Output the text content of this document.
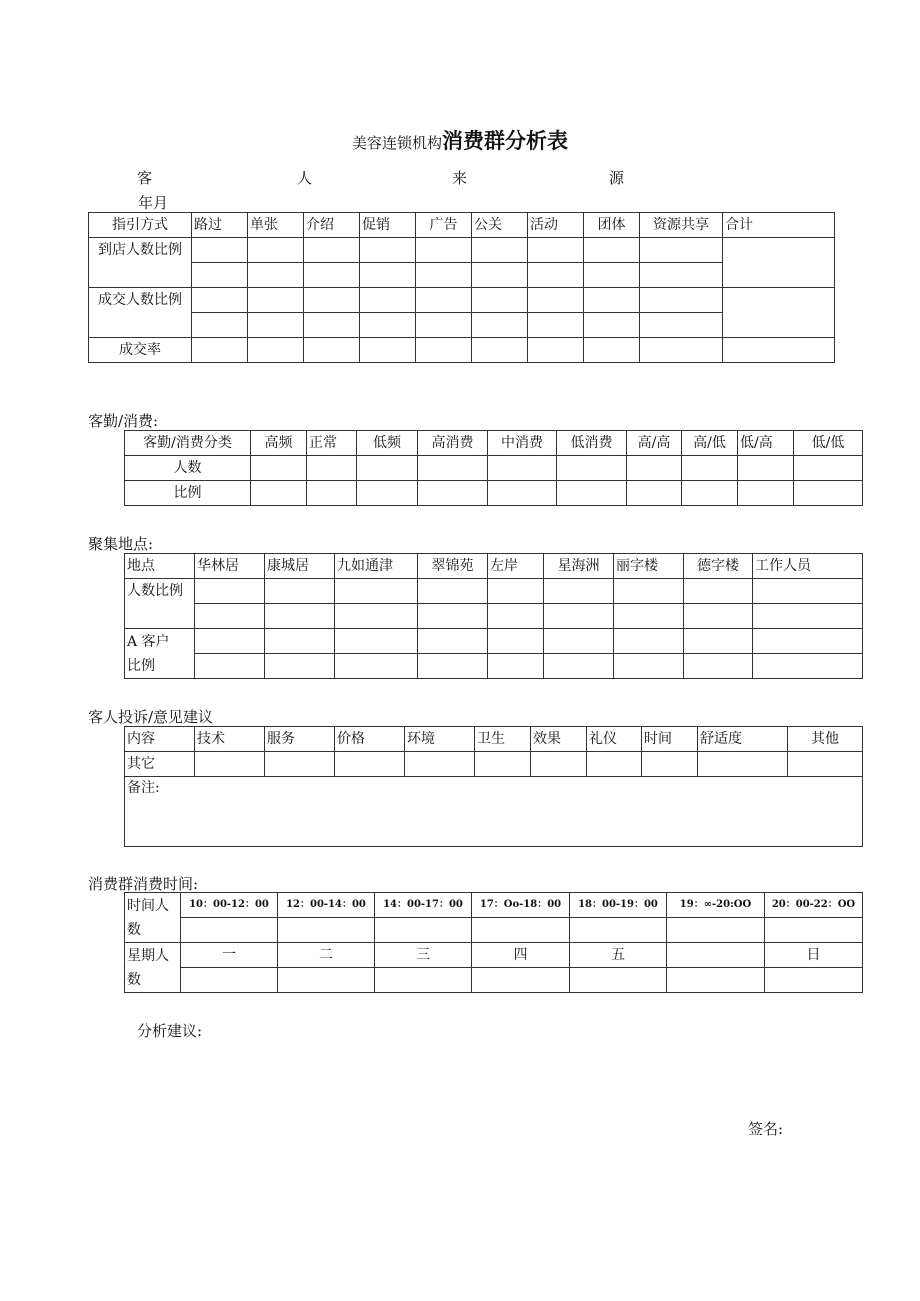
美容连锁机构消费群分析表
客	人	来	源
年月
指引方式	路过	单张	介绍	促销	广告	公关	活动	团体	资源共享	合计
到店人数比例										

成交人数比例										

成交率										
客勤/消费:
客勤/消费分类	高频	正常	低频	高消费	中消费	低消费	高/高	高/低	低/高	低/低
人数										
比例										
聚集地点:
地点	华林居	康城居	九如通津	翠锦苑	左岸	星海洲	丽字楼	德字楼	工作人员
人数比例									

A 客户
比例									

客人投诉/意见建议
内容	技术	服务	价格	环境	卫生	效果	礼仪	时间	舒适度	其他
其它										
备注:										
消费群消费时间:
时间人
数	10：00-12：00	12：00-14：00	14：00-17：00	17：Oo-18：00	18：00-19：00	19：∞-20:OO	20：00-22：OO

星期人
数	一	二	三	四	五		日

分析建议:
签名:
